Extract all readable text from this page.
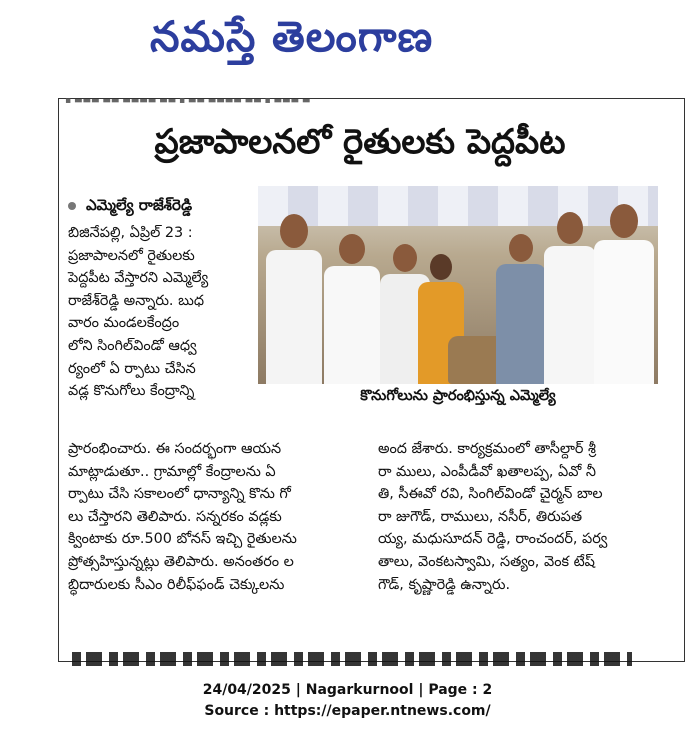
నమస్తే తెలంగాణ
▪ ▬▬▬ ▬▬ ▬▬▬▬ ▬▬ ▪ ▬▬ ▬▬▬▬ ▬▬ ▪ ▬▬▬ ▬
ప్రజాపాలనలో రైతులకు పెద్దపీట
ఎమ్మెల్యే రాజేశ్‌రెడ్డి

బిజినేపల్లి, ఏప్రిల్ 23 :

ప్రజాపాలనలో రైతులకు

పెద్దపీట వేస్తారని ఎమ్మెల్యే

రాజేశ్‌రెడ్డి అన్నారు. బుధ

వారం మండలకేంద్రం

లోని సింగిల్‌విండో ఆధ్వ

ర్యంలో ఏ ర్పాటు చేసిన

వడ్ల కొనుగోలు కేంద్రాన్ని	కొనుగోలును ప్రారంభిస్తున్న ఎమ్మెల్యే

ప్రారంభించారు. ఈ సందర్భంగా ఆయన

మాట్లాడుతూ.. గ్రామాల్లో కేంద్రాలను ఏ

ర్పాటు చేసి సకాలంలో ధాన్యాన్ని కొను గో

లు చేస్తారని తెలిపారు. సన్నరకం వడ్లకు

క్వింటాకు రూ.500 బోనస్ ఇచ్చి రైతులను

ప్రోత్సహిస్తున్నట్లు తెలిపారు. అనంతరం ల

బ్ధిదారులకు సీఎం రిలీఫ్‌ఫండ్ చెక్కులను

అంద జేశారు. కార్యక్రమంలో తాసీల్దార్ శ్రీ

రా ములు, ఎంపీడీవో ఖతాలప్ప, ఏవో నీ

తి, సీఈవో రవి, సింగిల్‌విండో చైర్మన్ బాల

రా జుగౌడ్, రాములు, నసీర్, తిరుపత

య్య, మధుసూదన్ రెడ్డి, రాంచందర్, పర్వ

తాలు, వెంకటస్వామి, సత్యం, వెంక టేష్

గౌడ్, కృష్ణారెడ్డి ఉన్నారు.

24/04/2025 | Nagarkurnool | Page : 2
Source : https://epaper.ntnews.com/
